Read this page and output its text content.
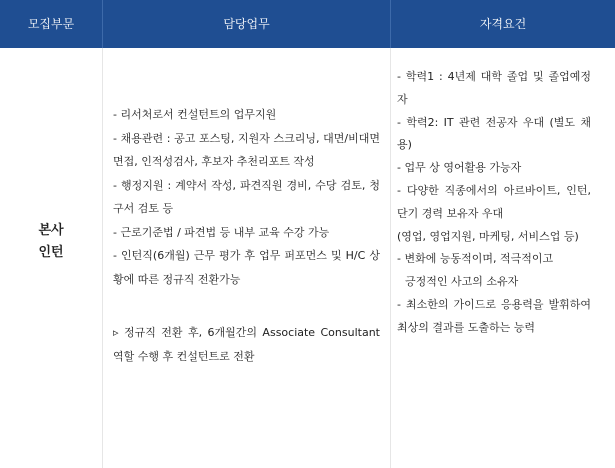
모집부문	담당업무	자격요건
본사
인턴
- 리서처로서 컨설턴트의 업무지원
- 채용관련 : 공고 포스팅, 지원자 스크리닝, 대면/비대면 면접, 인적성검사, 후보자 추천리포트 작성
- 행정지원 : 계약서 작성, 파견직원 경비, 수당 검토, 청구서 검토 등
- 근로기준법 / 파견법 등 내부 교육 수강 가능
- 인턴직(6개월) 근무 평가 후 업무 퍼포먼스 및 H/C 상황에 따른 정규직 전환가능
▹ 정규직 전환 후, 6개월간의 Associate Consultant 역할 수행 후 컨설턴트로 전환
- 학력1 : 4년제 대학 졸업 및 졸업예정자
- 학력2: IT 관련 전공자 우대 (별도 채용)
- 업무 상 영어활용 가능자
- 다양한 직종에서의 아르바이트, 인턴, 단기 경력 보유자 우대
(영업, 영업지원, 마케팅, 서비스업 등)
- 변화에 능동적이며, 적극적이고
긍정적인 사고의 소유자
- 최소한의 가이드로 응용력을 발휘하여 최상의 결과를 도출하는 능력
